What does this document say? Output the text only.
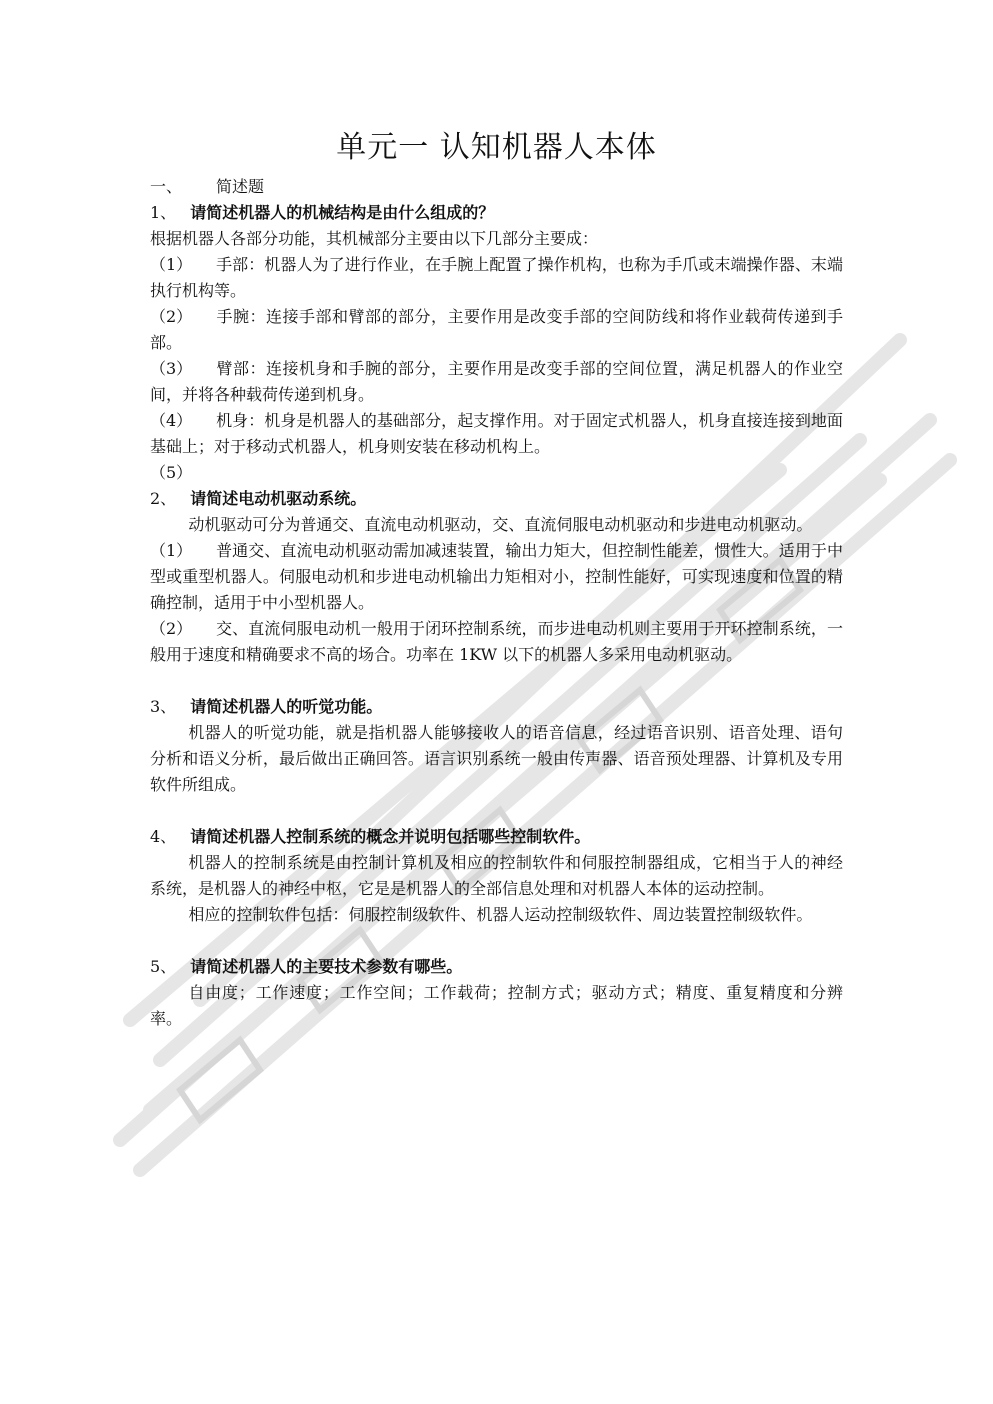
单元一 认知机器人本体
一、	简述题
1、 请简述机器人的机械结构是由什么组成的？

根据机器人各部分功能，其机械部分主要由以下几部分主要成：

（1） 手部：机器人为了进行作业，在手腕上配置了操作机构，也称为手爪或末端操作器、末端执行机构等。

（2） 手腕：连接手部和臂部的部分，主要作用是改变手部的空间防线和将作业载荷传递到手部。

（3） 臂部：连接机身和手腕的部分，主要作用是改变手部的空间位置，满足机器人的作业空间，并将各种载荷传递到机身。

（4） 机身：机身是机器人的基础部分，起支撑作用。对于固定式机器人，机身直接连接到地面基础上；对于移动式机器人，机身则安装在移动机构上。

（5）

2、 请简述电动机驱动系统。

动机驱动可分为普通交、直流电动机驱动，交、直流伺服电动机驱动和步进电动机驱动。

（1） 普通交、直流电动机驱动需加减速装置，输出力矩大，但控制性能差，惯性大。适用于中型或重型机器人。伺服电动机和步进电动机输出力矩相对小，控制性能好，可实现速度和位置的精确控制，适用于中小型机器人。

（2） 交、直流伺服电动机一般用于闭环控制系统，而步进电动机则主要用于开环控制系统，一般用于速度和精确要求不高的场合。功率在 1KW 以下的机器人多采用电动机驱动。

3、 请简述机器人的听觉功能。

机器人的听觉功能，就是指机器人能够接收人的语音信息，经过语音识别、语音处理、语句分析和语义分析，最后做出正确回答。语言识别系统一般由传声器、语音预处理器、计算机及专用软件所组成。

4、 请简述机器人控制系统的概念并说明包括哪些控制软件。

机器人的控制系统是由控制计算机及相应的控制软件和伺服控制器组成，它相当于人的神经系统，是机器人的神经中枢，它是是机器人的全部信息处理和对机器人本体的运动控制。

相应的控制软件包括：伺服控制级软件、机器人运动控制级软件、周边装置控制级软件。

5、 请简述机器人的主要技术参数有哪些。

自由度；工作速度；工作空间；工作载荷；控制方式；驱动方式；精度、重复精度和分辨率。
